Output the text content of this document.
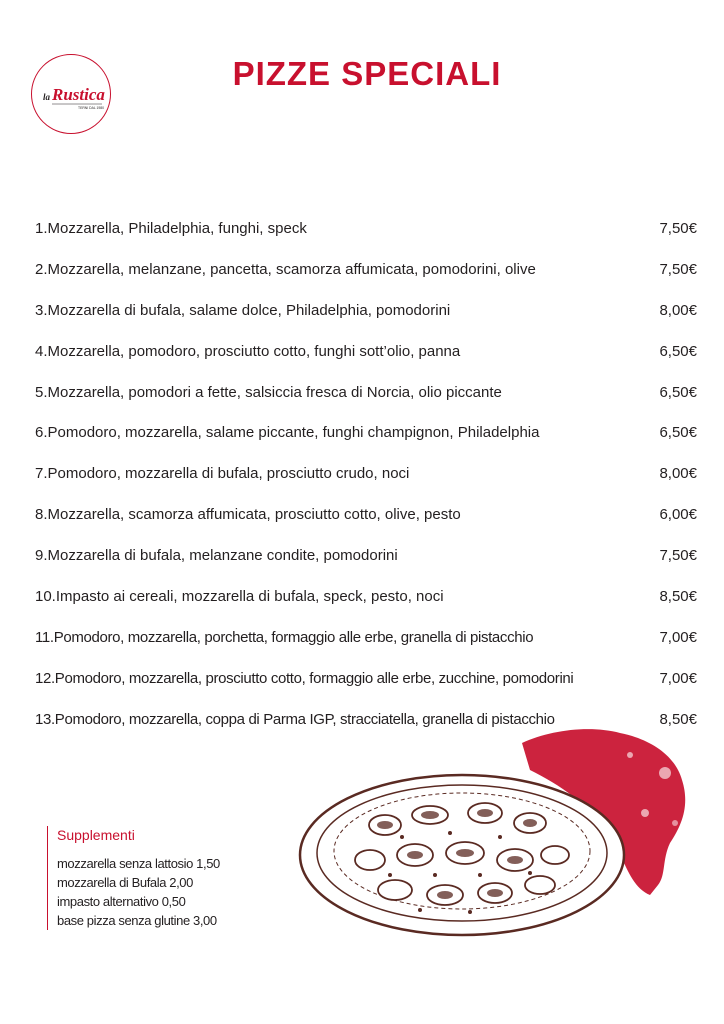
la Rustica
TERNI DAL 1980
PIZZE SPECIALI
1.Mozzarella, Philadelphia, funghi, speck	7,50€
2.Mozzarella, melanzane, pancetta, scamorza affumicata, pomodorini, olive	7,50€
3.Mozzarella di bufala, salame dolce, Philadelphia, pomodorini	8,00€
4.Mozzarella, pomodoro, prosciutto cotto, funghi sott’olio, panna	6,50€
5.Mozzarella, pomodori a fette, salsiccia fresca di Norcia, olio piccante	6,50€
6.Pomodoro, mozzarella, salame piccante, funghi champignon, Philadelphia	6,50€
7.Pomodoro, mozzarella di bufala, prosciutto crudo, noci	8,00€
8.Mozzarella, scamorza affumicata, prosciutto cotto, olive, pesto	6,00€
9.Mozzarella di bufala, melanzane condite, pomodorini	7,50€
10.Impasto ai cereali, mozzarella di bufala, speck, pesto, noci	8,50€
11.Pomodoro, mozzarella, porchetta, formaggio alle erbe, granella di pistacchio	7,00€
12.Pomodoro, mozzarella, prosciutto cotto, formaggio alle erbe, zucchine, pomodorini	7,00€
13.Pomodoro, mozzarella, coppa di Parma IGP, stracciatella, granella di pistacchio	8,50€
Supplementi
mozzarella senza lattosio 1,50
mozzarella di Bufala 2,00
impasto alternativo 0,50
base pizza senza glutine 3,00
